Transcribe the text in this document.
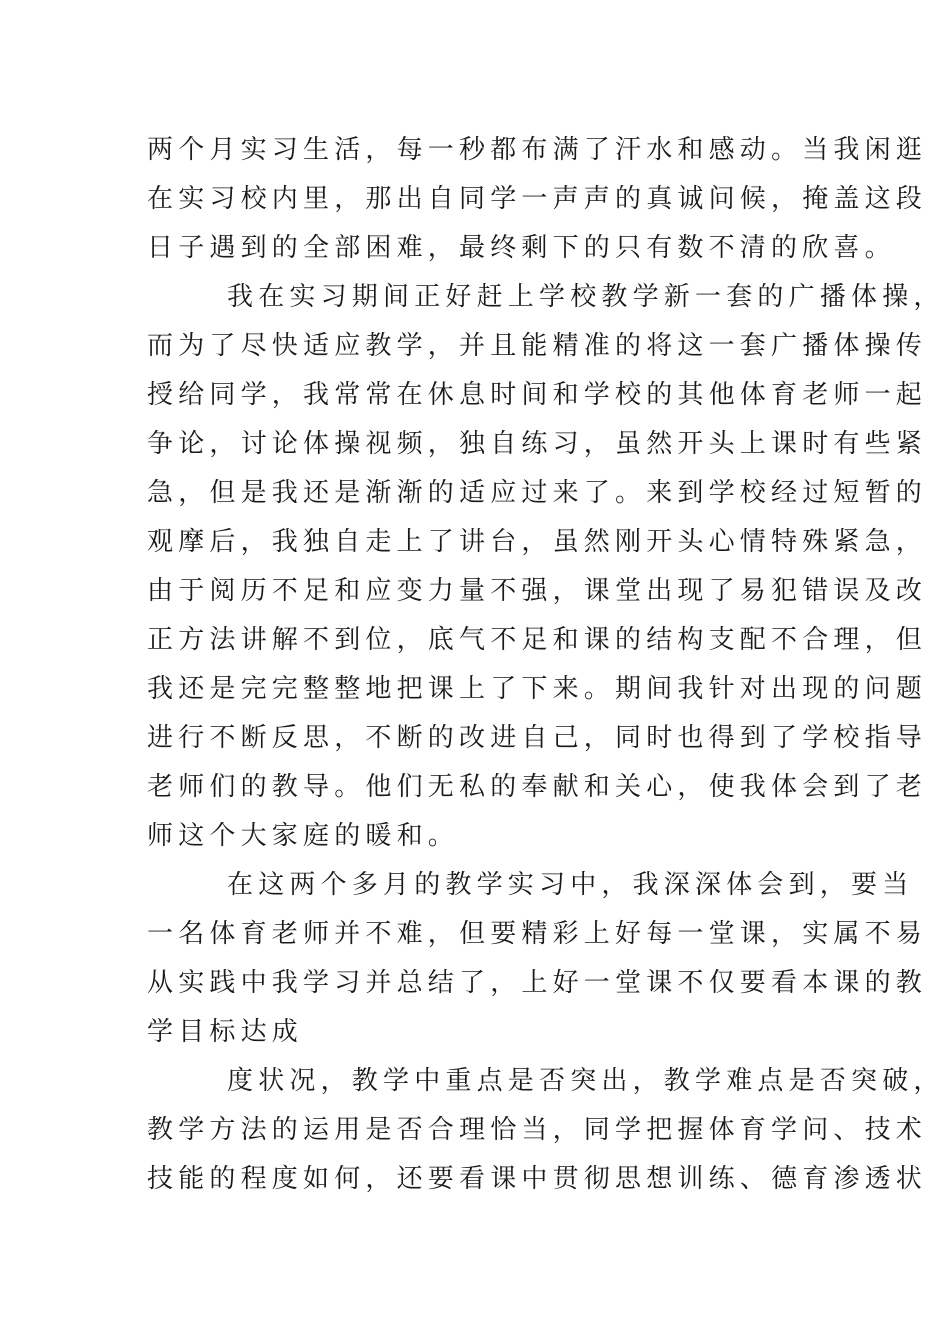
两个月实习生活，每一秒都布满了汗水和感动。当我闲逛

在实习校内里，那出自同学一声声的真诚问候，掩盖这段

日子遇到的全部困难，最终剩下的只有数不清的欣喜。

我在实习期间正好赶上学校教学新一套的广播体操，

而为了尽快适应教学，并且能精准的将这一套广播体操传

授给同学，我常常在休息时间和学校的其他体育老师一起

争论，讨论体操视频，独自练习，虽然开头上课时有些紧

急，但是我还是渐渐的适应过来了。来到学校经过短暂的

观摩后，我独自走上了讲台，虽然刚开头心情特殊紧急，

由于阅历不足和应变力量不强，课堂出现了易犯错误及改

正方法讲解不到位，底气不足和课的结构支配不合理，但

我还是完完整整地把课上了下来。期间我针对出现的问题

进行不断反思，不断的改进自己，同时也得到了学校指导

老师们的教导。他们无私的奉献和关心，使我体会到了老

师这个大家庭的暖和。

在这两个多月的教学实习中，我深深体会到，要当

一名体育老师并不难，但要精彩上好每一堂课，实属不易

从实践中我学习并总结了，上好一堂课不仅要看本课的教

学目标达成

度状况，教学中重点是否突出，教学难点是否突破，

教学方法的运用是否合理恰当，同学把握体育学问、技术

技能的程度如何，还要看课中贯彻思想训练、德育渗透状
